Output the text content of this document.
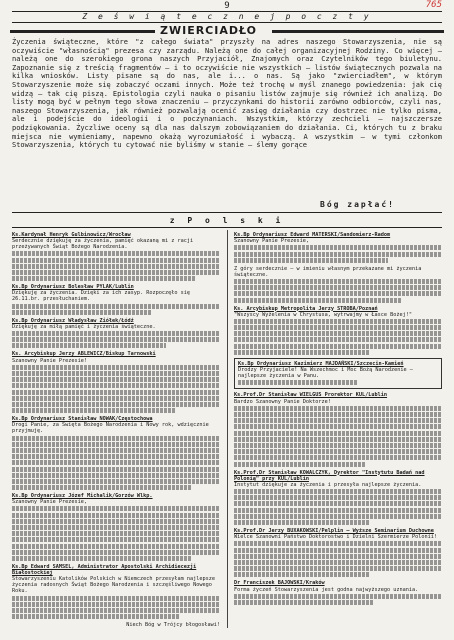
9	765
Z e ś w i ą t e c z n e j p o c z t y
ZWIERCIADŁO

Życzenia świąteczne, które "z całego świata" przyszły na adres naszego Stowarzyszenia, nie są oczywiście "własnością" prezesa czy zarządu. Należą one do całej organizacyjnej Rodziny. Co więcej — należą one do szerokiego grona naszych Przyjaciół, Znajomych oraz Czytelników tego biuletynu. Zapoznanie się z treścią fragmentów — i to oczywiście nie wszystkich — listów świątecznych pozwala na kilka wniosków. Listy pisane są do nas, ale i... o nas. Są jako "zwierciadłem", w którym Stowarzyszenie może się zobaczyć oczami innych. Może też trochę w myśl znanego powiedzenia: jak cię widzą — tak cię piszą. Epistologia czyli nauka o pisaniu listów zajmuje się również ich analizą. Do listy mogą być w pełnym tego słowa znaczeniu — przyczynkami do historii zarówno odbiorców, czyli nas, naszego Stowarzyszenia, jak również pozwalają ocenić zasięg działania czy dostrzec nie tylko pisma, ale i podejście do ideologii i o poczynaniach. Wszystkim, którzy zechcieli — najszczersze podziękowania. Życzliwe oceny są dla nas dalszym zobowiązaniem do działania. Ci, których tu z braku miejsca nie wymieniamy, napewno okażą wyrozumiałość i wybaczą. A wszystkim — w tymi członkom Stowarzyszenia, których tu cytować nie byliśmy w stanie — ślemy gorące

Bóg zapłać!
z P o l s k i

Ks.Kardynał Henryk Gulbinowicz/Wrocław

Serdecznie dziękuję za życzenia, pamięć okazaną mi z racji przeżywanych Świąt Bożego Narodzenia.

Ks.Bp Ordynariusz Bolesław PYLAK/Lublin

Dziękuję za życzenia. Dzięki za ich zasyp. Rozpoczęło się 26.11.br. przesłuchaniem.

Ks.Bp Ordynariusz Władysław Ziółek/Łódź

Dziękuję za miłą pamięć i życzenia świąteczne.

Ks. Arcybiskup Jerzy ABLEWICZ/Biskup Tarnowski

Szanowny Panie Prezesie!

Ks.Bp Ordynariusz Stanisław NOWAK/Częstochowa

Drogi Panie, za Święta Bożego Narodzenia i Nowy rok, wdzięcznie przyjmuję.

Ks.Bp Ordynariusz Józef Michalik/Gorzów Wlkp.

Szanowny Panie Prezesie,

Ks.Bp Edward SAMSEL, Administrator Apostolski Archidiecezji Białostockiej

Stowarzyszeniu Katolików Polskich w Niemczech przesyłam najlepsze życzenia radosnych Świąt Bożego Narodzenia i szczęśliwego Nowego Roku.

Niech Bóg w Trójcy błogosławi!

Ks.Bp Ordynariusz Edward MATERSKI/Sandomierz-Radom

Szanowny Panie Prezesie,

Z góry serdecznie — w imieniu własnym przekazane mi życzenia świąteczne.

Ks. Arcybiskup Metropolita Jerzy STROBA/Poznań

"Wszyscy Wyżelenia w Chrystusa, wytrwajmy w Łasce Bożej!"

Ks.Bp Ordynariusz Kazimierz MAJDAŃSKI/Szczecin-Kamień

Drodzy Przyjaciele! Na Wszechmoc i Moc Bożą Narodzenie — najlepsze życzenia w Panu.

Ks.Prof.Dr Stanisław WIELGUS Prorektor KUL/Lublin

Bardzo Szanowny Panie Doktorze!

Ks.Prof.Dr Stanisław KOWALCZYK, Dyrektor "Instytutu Badań nad Polonią" przy KUL/Lublin

Instytut dziękuje za życzenia i przesyła najlepsze życzenia.

Ks.Prof.Dr Jerzy BUXAKOWSKI/Pelplin — Wyższe Seminarium Duchowne

Wielce Szanowni Państwo Doktorostwo i Dzielni Szermierze Polonii!

Dr Franciszek BAJOWSKI/Kraków

Forma życzeń Stowarzyszenia jest godna najwyższego uznania.
